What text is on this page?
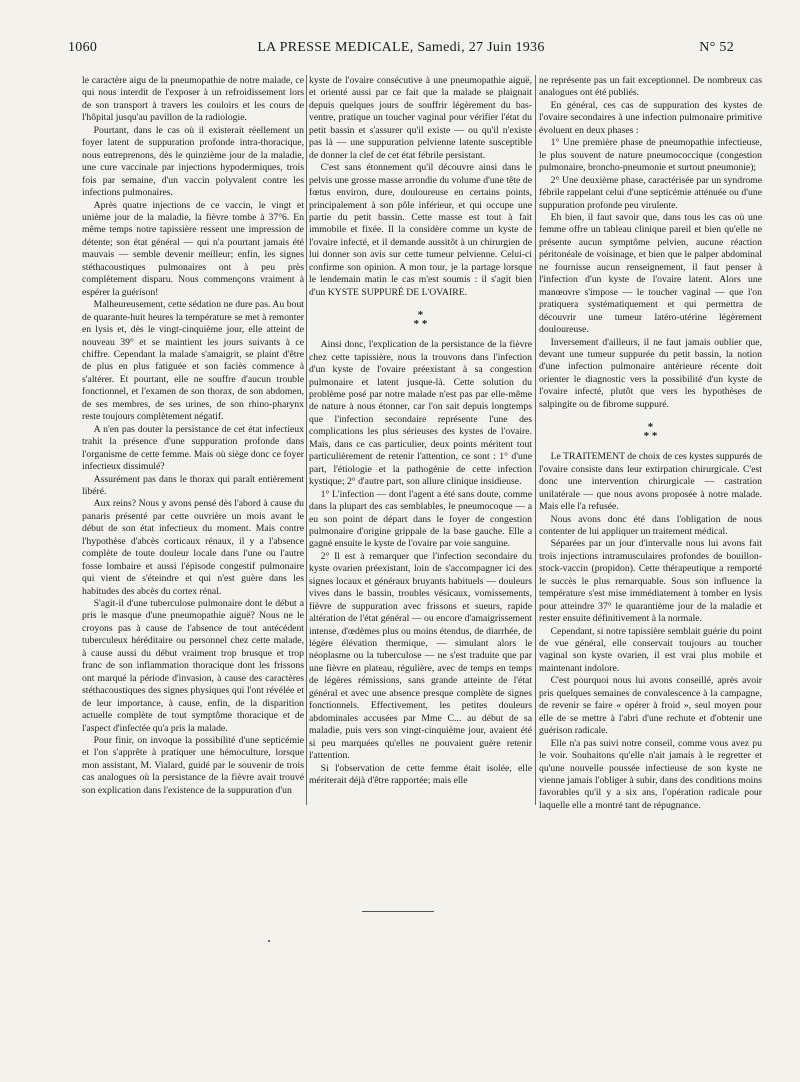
1060	LA PRESSE MEDICALE, Samedi, 27 Juin 1936	N° 52

le caractère aigu de la pneumopathie de notre malade, ce qui nous interdit de l'exposer à un refroidissement lors de son transport à travers les couloirs et les cours de l'hôpital jusqu'au pavillon de la radiologie.

Pourtant, dans le cas où il existerait réellement un foyer latent de suppuration profonde intra-thoracique, nous entreprenons, dès le quinzième jour de la maladie, une cure vaccinale par injections hypodermiques, trois fois par semaine, d'un vaccin polyvalent contre les infections pulmonaires.

Après quatre injections de ce vaccin, le vingt et unième jour de la maladie, la fièvre tombe à 37°6. En même temps notre tapissière ressent une impression de détente; son état général — qui n'a pourtant jamais été mauvais — semble devenir meilleur; enfin, les signes stéthacoustiques pulmonaires ont à peu près complètement disparu. Nous commençons vraiment à espérer la guérison!

Malheureusement, cette sédation ne dure pas. Au bout de quarante-huit heures la température se met à remonter en lysis et, dès le vingt-cinquième jour, elle atteint de nouveau 39° et se maintient les jours suivants à ce chiffre. Cependant la malade s'amaigrit, se plaint d'être de plus en plus fatiguée et son faciès commence à s'altérer. Et pourtant, elle ne souffre d'aucun trouble fonctionnel, et l'examen de son thorax, de son abdomen, de ses membres, de ses urines, de son rhino-pharynx reste toujours complètement négatif.

A n'en pas douter la persistance de cet état infectieux trahit la présence d'une suppuration profonde dans l'organisme de cette femme. Mais où siège donc ce foyer infectieux dissimulé?

Assurément pas dans le thorax qui paraît entièrement libéré.

Aux reins? Nous y avons pensé dès l'abord à cause du panaris présenté par cette ouvrière un mois avant le début de son état infectieux du moment. Mais contre l'hypothèse d'abcès corticaux rénaux, il y a l'absence complète de toute douleur locale dans l'une ou l'autre fosse lombaire et aussi l'épisode congestif pulmonaire qui vient de s'éteindre et qui n'est guère dans les habitudes des abcès du cortex rénal.

S'agit-il d'une tuberculose pulmonaire dont le début a pris le masque d'une pneumopathie aiguë? Nous ne le croyons pas à cause de l'absence de tout antécédent tuberculeux héréditaire ou personnel chez cette malade, à cause aussi du début vraiment trop brusque et trop franc de son inflammation thoracique dont les frissons ont marqué la période d'invasion, à cause des caractères stéthacoustiques des signes physiques qui l'ont révélée et de leur importance, à cause, enfin, de la disparition actuelle complète de tout symptôme thoracique et de l'aspect d'infectée qu'a pris la malade.

Pour finir, on invoque la possibilité d'une septicémie et l'on s'apprête à pratiquer une hémoculture, lorsque mon assistant, M. Vialard, guidé par le souvenir de trois cas analogues où la persistance de la fièvre avait trouvé son explication dans l'existence de la suppuration d'un

kyste de l'ovaire consécutive à une pneumopathie aiguë, et orienté aussi par ce fait que la malade se plaignait depuis quelques jours de souffrir légèrement du bas-ventre, pratique un toucher vaginal pour vérifier l'état du petit bassin et s'assurer qu'il existe — ou qu'il n'existe pas là — une suppuration pelvienne latente susceptible de donner la clef de cet état fébrile persistant.

C'est sans étonnement qu'il découvre ainsi dans le pelvis une grosse masse arrondie du volume d'une tête de fœtus environ, dure, douloureuse en certains points, principalement à son pôle inférieur, et qui occupe une partie du petit bassin. Cette masse est tout à fait immobile et fixée. Il la considère comme un kyste de l'ovaire infecté, et il demande aussitôt à un chirurgien de lui donner son avis sur cette tumeur pelvienne. Celui-ci confirme son opinion. A mon tour, je la partage lorsque le lendemain matin le cas m'est soumis : il s'agit bien d'un KYSTE SUPPURÉ DE L'OVAIRE.

*
* *

Ainsi donc, l'explication de la persistance de la fièvre chez cette tapissière, nous la trouvons dans l'infection d'un kyste de l'ovaire préexistant à sa congestion pulmonaire et latent jusque-là. Cette solution du problème posé par notre malade n'est pas par elle-même de nature à nous étonner, car l'on sait depuis longtemps que l'infection secondaire représente l'une des complications les plus sérieuses des kystes de l'ovaire. Mais, dans ce cas particulier, deux points méritent tout particulièrement de retenir l'attention, ce sont : 1° d'une part, l'étiologie et la pathogénie de cette infection kystique; 2° d'autre part, son allure clinique insidieuse.

1° L'infection — dont l'agent a été sans doute, comme dans la plupart des cas semblables, le pneumocoque — a eu son point de départ dans le foyer de congestion pulmonaire d'origine grippale de la base gauche. Elle a gagné ensuite le kyste de l'ovaire par voie sanguine.

2° Il est à remarquer que l'infection secondaire du kyste ovarien préexistant, loin de s'accompagner ici des signes locaux et généraux bruyants habituels — douleurs vives dans le bassin, troubles vésicaux, vomissements, fièvre de suppuration avec frissons et sueurs, rapide altération de l'état général — ou encore d'amaigrissement intense, d'œdèmes plus ou moins étendus, de diarrhée, de légère élévation thermique, — simulant alors le néoplasme ou la tuberculose — ne s'est traduite que par une fièvre en plateau, régulière, avec de temps en temps de légères rémissions, sans grande atteinte de l'état général et avec une absence presque complète de signes fonctionnels. Effectivement, les petites douleurs abdominales accusées par Mme C... au début de sa maladie, puis vers son vingt-cinquième jour, avaient été si peu marquées qu'elles ne pouvaient guère retenir l'attention.

Si l'observation de cette femme était isolée, elle mériterait déjà d'être rapportée; mais elle

ne représente pas un fait exceptionnel. De nombreux cas analogues ont été publiés.

En général, ces cas de suppuration des kystes de l'ovaire secondaires à une infection pulmonaire primitive évoluent en deux phases :

1° Une première phase de pneumopathie infectieuse, le plus souvent de nature pneumococcique (congestion pulmonaire, broncho-pneumonie et surtout pneumonie);

2° Une deuxième phase, caractérisée par un syndrome fébrile rappelant celui d'une septicémie atténuée ou d'une suppuration profonde peu virulente.

Eh bien, il faut savoir que, dans tous les cas où une femme offre un tableau clinique pareil et bien qu'elle ne présente aucun symptôme pelvien, aucune réaction péritonéale de voisinage, et bien que le palper abdominal ne fournisse aucun renseignement, il faut penser à l'infection d'un kyste de l'ovaire latent. Alors une manœuvre s'impose — le toucher vaginal — que l'on pratiquera systématiquement et qui permettra de découvrir une tumeur latéro-utérine légèrement douloureuse.

Inversement d'ailleurs, il ne faut jamais oublier que, devant une tumeur suppurée du petit bassin, la notion d'une infection pulmonaire antérieure récente doit orienter le diagnostic vers la possibilité d'un kyste de l'ovaire infecté, plutôt que vers les hypothèses de salpingite ou de fibrome suppuré.

*
* *

Le TRAITEMENT de choix de ces kystes suppurés de l'ovaire consiste dans leur extirpation chirurgicale. C'est donc une intervention chirurgicale — castration unilatérale — que nous avons proposée à notre malade. Mais elle l'a refusée.

Nous avons donc été dans l'obligation de nous contenter de lui appliquer un traitement médical.

Séparées par un jour d'intervalle nous lui avons fait trois injections intramusculaires profondes de bouillon-stock-vaccin (propidon). Cette thérapeutique a remporté le succès le plus remarquable. Sous son influence la température s'est mise immédiatement à tomber en lysis pour atteindre 37° le quarantième jour de la maladie et rester ensuite définitivement à la normale.

Cependant, si notre tapissière semblait guérie du point de vue général, elle conservait toujours au toucher vaginal son kyste ovarien, il est vrai plus mobile et maintenant indolore.

C'est pourquoi nous lui avons conseillé, après avoir pris quelques semaines de convalescence à la campagne, de revenir se faire « opérer à froid », seul moyen pour elle de se mettre à l'abri d'une rechute et d'obtenir une guérison radicale.

Elle n'a pas suivi notre conseil, comme vous avez pu le voir. Souhaitons qu'elle n'ait jamais à le regretter et qu'une nouvelle poussée infectieuse de son kyste ne vienne jamais l'obliger à subir, dans des conditions moins favorables qu'il y a six ans, l'opération radicale pour laquelle elle a montré tant de répugnance.
